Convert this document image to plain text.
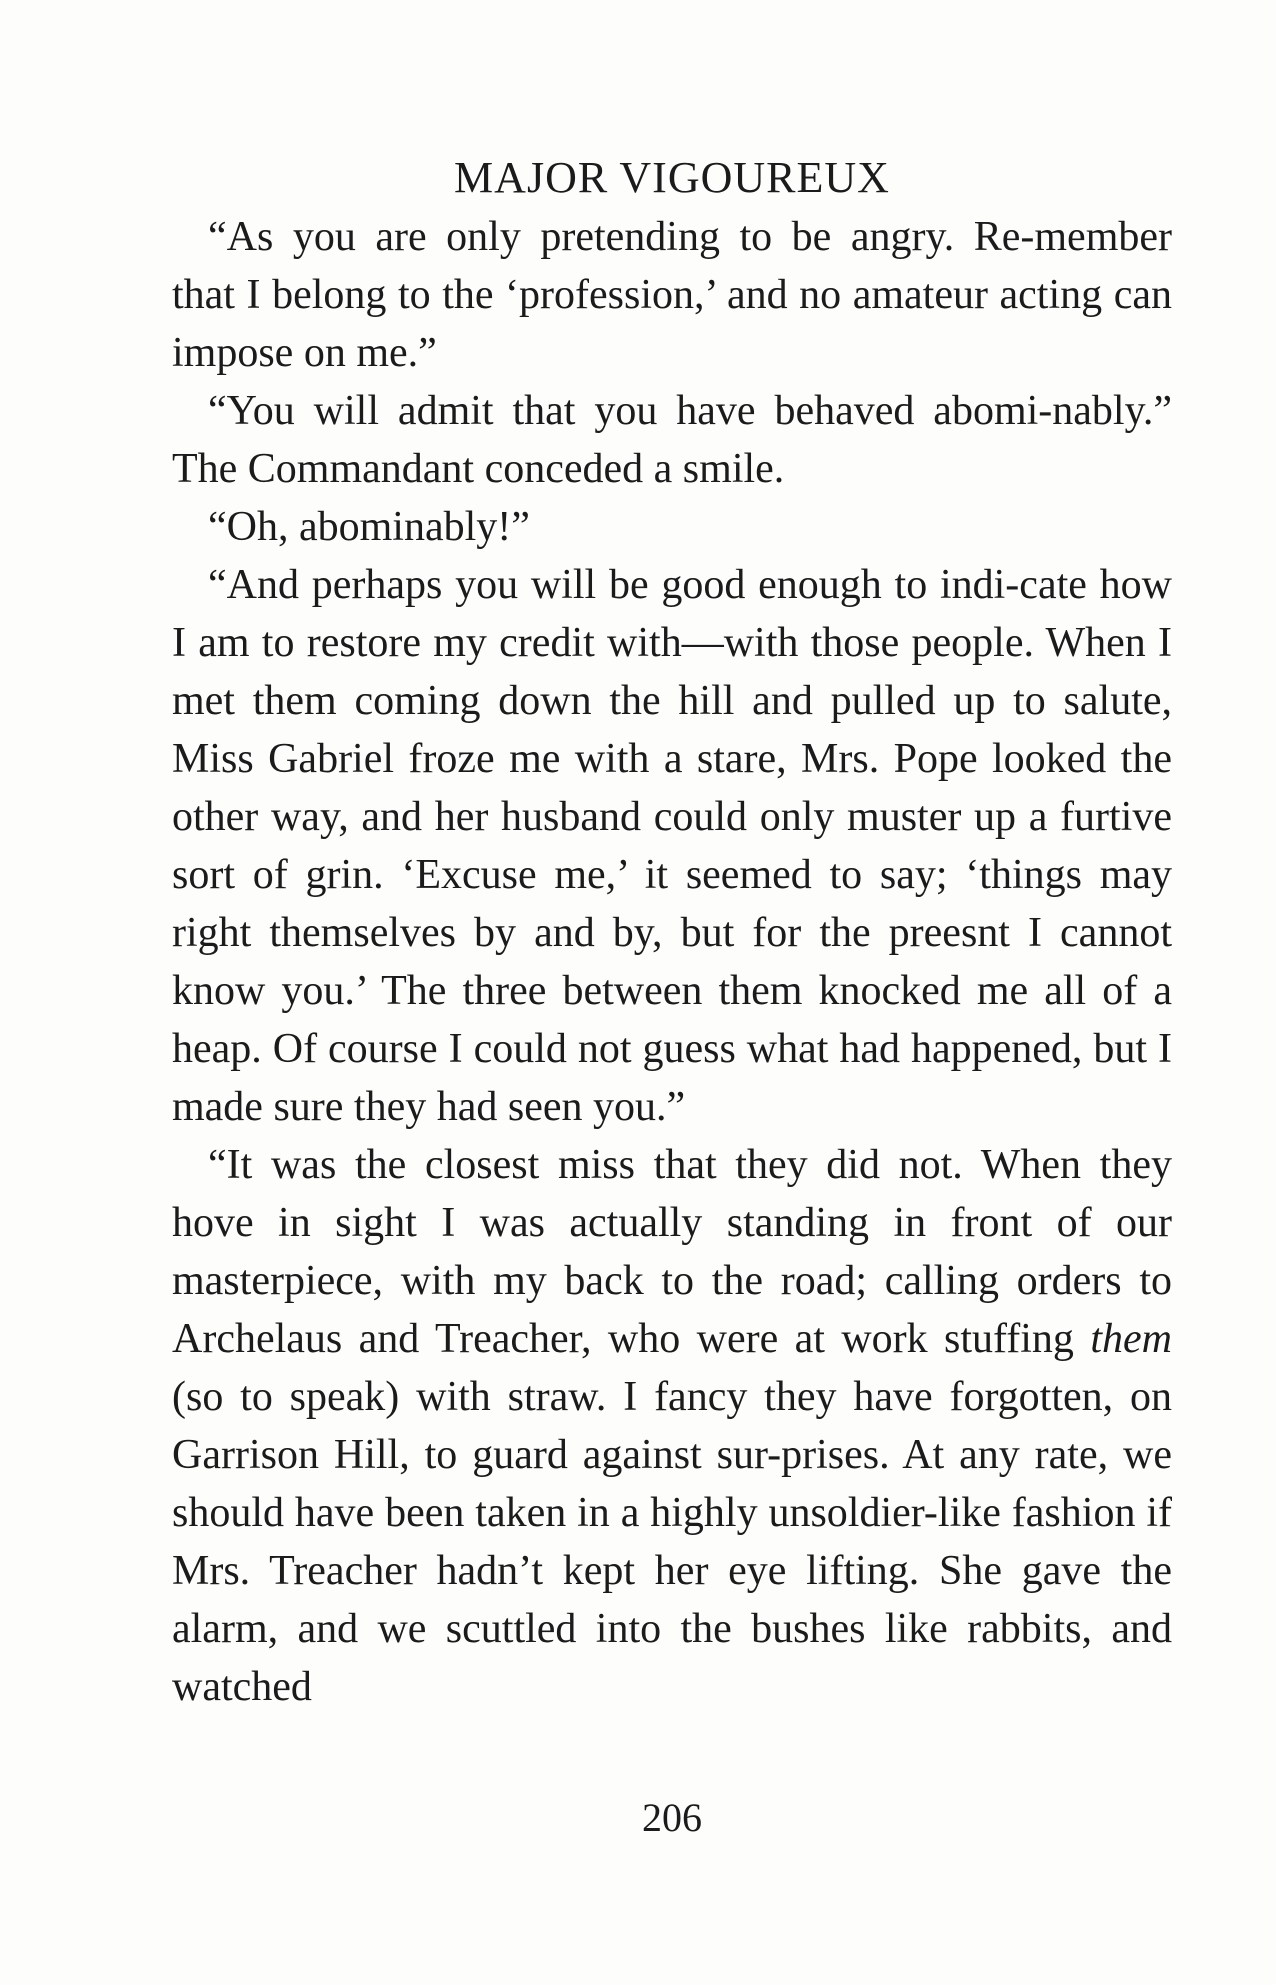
MAJOR VIGOUREUX

“As you are only pretending to be angry. Re-member that I belong to the ‘profession,’ and no amateur acting can impose on me.”

“You will admit that you have behaved abomi-nably.” The Commandant conceded a smile.

“Oh, abominably!”

“And perhaps you will be good enough to indi-cate how I am to restore my credit with—with those people. When I met them coming down the hill and pulled up to salute, Miss Gabriel froze me with a stare, Mrs. Pope looked the other way, and her husband could only muster up a furtive sort of grin. ‘Excuse me,’ it seemed to say; ‘things may right themselves by and by, but for the preesnt I cannot know you.’ The three between them knocked me all of a heap. Of course I could not guess what had happened, but I made sure they had seen you.”

“It was the closest miss that they did not. When they hove in sight I was actually standing in front of our masterpiece, with my back to the road; calling orders to Archelaus and Treacher, who were at work stuffing them (so to speak) with straw. I fancy they have forgotten, on Garrison Hill, to guard against sur-prises. At any rate, we should have been taken in a highly unsoldier-like fashion if Mrs. Treacher hadn’t kept her eye lifting. She gave the alarm, and we scuttled into the bushes like rabbits, and watched

206
